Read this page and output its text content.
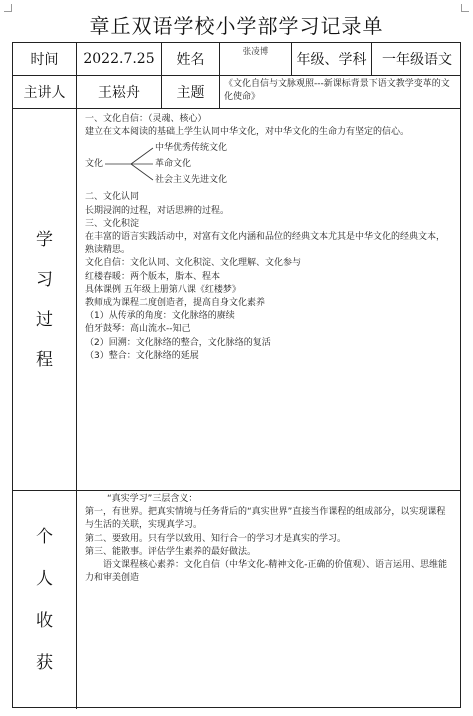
章丘双语学校小学部学习记录单
时间	2022.7.25	姓名	张凌博	年级、学科	一年级语文
主讲人	王崧舟	主题
《文化自信与文脉观照---新课标背景下语文教学变革的文化使命》
学
习
过
程

一、文化自信：（灵魂、核心）

建立在文本阅读的基础上学生认同中华文化，对中华文化的生命力有坚定的信心。

文化
中华优秀传统文化
革命文化
社会主义先进文化

二、文化认同

长期浸润的过程，对话思辨的过程。

三、文化积淀

在丰富的语言实践活动中，对富有文化内涵和品位的经典文本尤其是中华文化的经典文本，熟读精思。

文化自信：文化认同、文化积淀、文化理解、文化参与

红楼春暖：两个版本，脂本、程本

具体课例 五年级上册第八课《红楼梦》

教师成为课程二度创造者，提高自身文化素养

（1）从传承的角度：文化脉络的赓续

伯牙鼓琴：高山流水--知己

（2）回溯：文化脉络的整合，文化脉络的复活

（3）整合：文化脉络的延展

个
人
收
获

“真实学习”三层含义：

第一，有世界。把真实情境与任务背后的“真实世界”直接当作课程的组成部分，以实现课程与生活的关联，实现真学习。

第二、要致用。只有学以致用、知行合一的学习才是真实的学习。

第三、能散事。评估学生素养的最好做法。

语文课程核心素养：文化自信（中华文化-精神文化-正确的价值观）、语言运用、思维能力和审美创造
